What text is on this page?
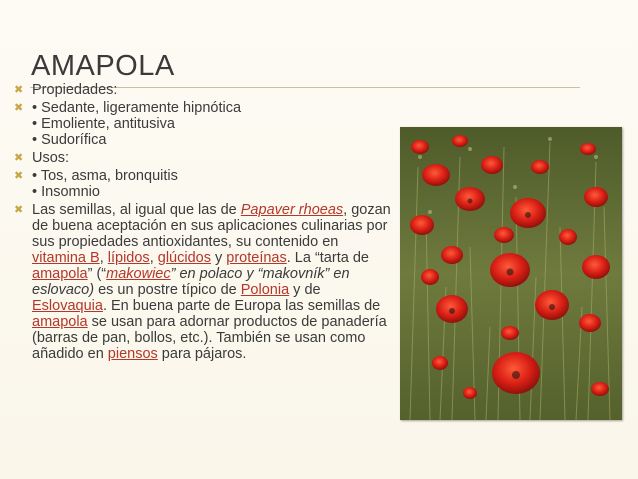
AMAPOLA
✖ Propiedades:
✖ • Sedante, ligeramente hipnótica
• Emoliente, antitusiva
• Sudorífica
✖ Usos:
✖ • Tos, asma, bronquitis
• Insomnio
✖ Las semillas, al igual que las de Papaver rhoeas, gozan de buena aceptación en sus aplicaciones culinarias por sus propiedades antioxidantes, su contenido en vitamina B, lípidos, glúcidos y proteínas. La “tarta de amapola” (“makowiec” en polaco y “makovník” en eslovaco) es un postre típico de Polonia y de Eslovaquia. En buena parte de Europa las semillas de amapola se usan para adornar productos de panadería (barras de pan, bollos, etc.). También se usan como añadido en piensos para pájaros.
